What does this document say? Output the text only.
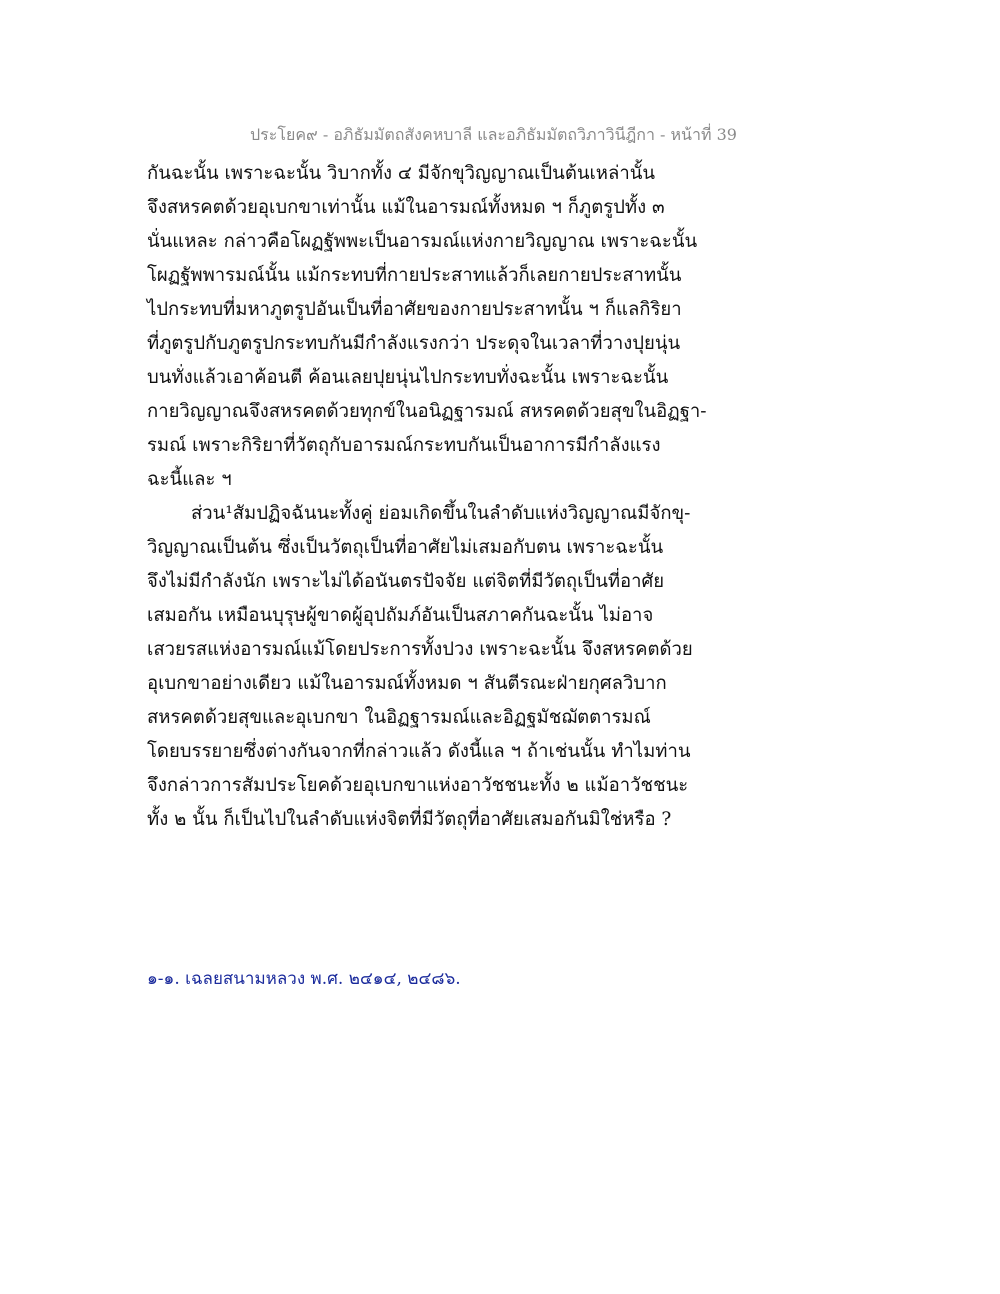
ประโยค๙ - อภิธัมมัตถสังคหบาลี และอภิธัมมัตถวิภาวินีฎีกา - หน้าที่ 39
กันฉะนั้น เพราะฉะนั้น วิบากทั้ง ๔ มีจักขุวิญญาณเป็นต้นเหล่านั้น
จึงสหรคตด้วยอุเบกขาเท่านั้น แม้ในอารมณ์ทั้งหมด ฯ ก็ภูตรูปทั้ง ๓
นั่นแหละ กล่าวคือโผฏฐัพพะเป็นอารมณ์แห่งกายวิญญาณ เพราะฉะนั้น
โผฏฐัพพารมณ์นั้น แม้กระทบที่กายประสาทแล้วก็เลยกายประสาทนั้น
ไปกระทบที่มหาภูตรูปอันเป็นที่อาศัยของกายประสาทนั้น ฯ ก็แลกิริยา
ที่ภูตรูปกับภูตรูปกระทบกันมีกำลังแรงกว่า ประดุจในเวลาที่วางปุยนุ่น
บนทั่งแล้วเอาค้อนตี ค้อนเลยปุยนุ่นไปกระทบทั่งฉะนั้น เพราะฉะนั้น
กายวิญญาณจึงสหรคตด้วยทุกข์ในอนิฏฐารมณ์ สหรคตด้วยสุขในอิฏฐา-
รมณ์ เพราะกิริยาที่วัตถุกับอารมณ์กระทบกันเป็นอาการมีกำลังแรง
ฉะนี้และ ฯ
ส่วน¹สัมปฏิจฉันนะทั้งคู่ ย่อมเกิดขึ้นในลำดับแห่งวิญญาณมีจักขุ-
วิญญาณเป็นต้น ซึ่งเป็นวัตถุเป็นที่อาศัยไม่เสมอกับตน เพราะฉะนั้น
จึงไม่มีกำลังนัก เพราะไม่ได้อนันตรปัจจัย แต่จิตที่มีวัตถุเป็นที่อาศัย
เสมอกัน เหมือนบุรุษผู้ขาดผู้อุปถัมภ์อันเป็นสภาคกันฉะนั้น ไม่อาจ
เสวยรสแห่งอารมณ์แม้โดยประการทั้งปวง เพราะฉะนั้น จึงสหรคตด้วย
อุเบกขาอย่างเดียว แม้ในอารมณ์ทั้งหมด ฯ สันตีรณะฝ่ายกุศลวิบาก
สหรคตด้วยสุขและอุเบกขา ในอิฏฐารมณ์และอิฏฐมัชฌัตตารมณ์
โดยบรรยายซึ่งต่างกันจากที่กล่าวแล้ว ดังนี้แล ฯ ถ้าเช่นนั้น ทำไมท่าน
จึงกล่าวการสัมประโยคด้วยอุเบกขาแห่งอาวัชชนะทั้ง ๒ แม้อาวัชชนะ
ทั้ง ๒ นั้น ก็เป็นไปในลำดับแห่งจิตที่มีวัตถุที่อาศัยเสมอกันมิใช่หรือ ?
๑-๑. เฉลยสนามหลวง พ.ศ. ๒๔๑๔, ๒๔๘๖.
